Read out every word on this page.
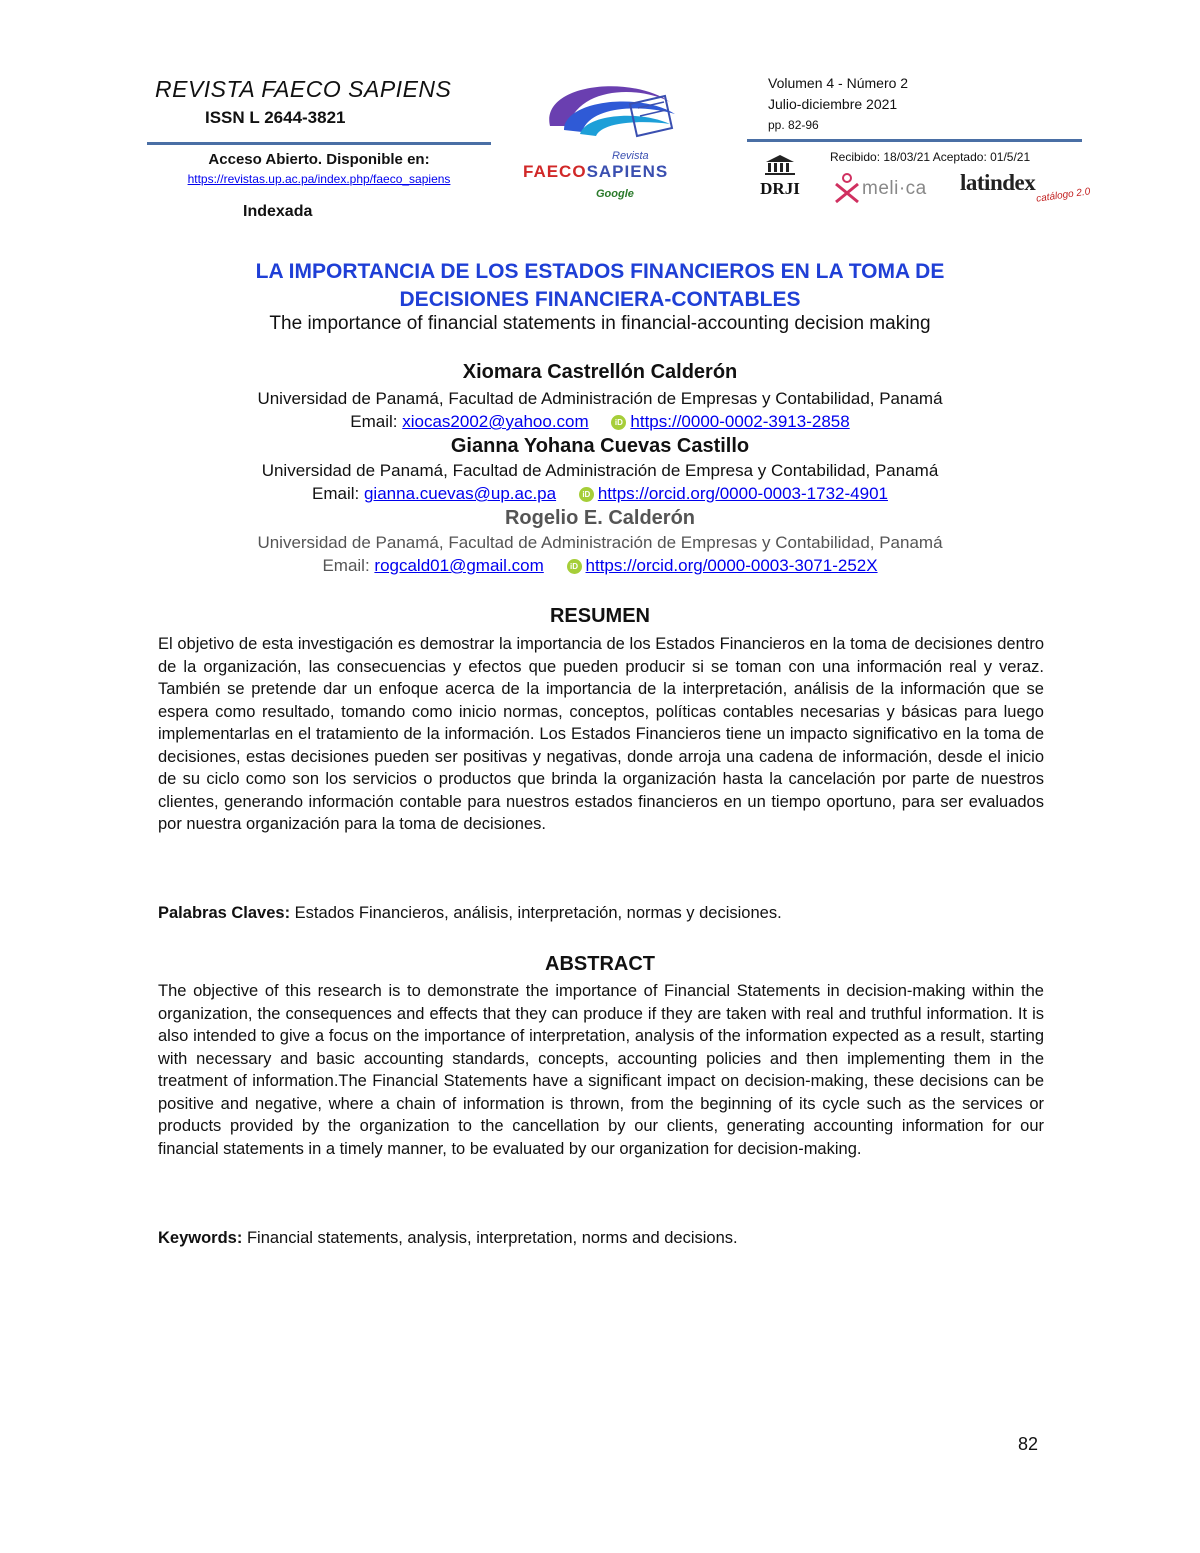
REVISTA FAECO SAPIENS
ISSN L 2644-3821
Acceso Abierto. Disponible en:
https://revistas.up.ac.pa/index.php/faeco_sapiens
Indexada
Volumen 4 - Número 2
Julio-diciembre 2021
pp. 82-96
Recibido: 18/03/21 Aceptado: 01/5/21
Revista
FAECOSAPIENS
Google	DRJI	meli·ca latindex
catálogo 2.0
LA IMPORTANCIA DE LOS ESTADOS FINANCIEROS EN LA TOMA DE
DECISIONES FINANCIERA-CONTABLES
The importance of financial statements in financial-accounting decision making
Xiomara Castrellón Calderón
Universidad de Panamá, Facultad de Administración de Empresas y Contabilidad, Panamá
Email: xiocas2002@yahoo.com	iD https://0000-0002-3913-2858
Gianna Yohana Cuevas Castillo
Universidad de Panamá, Facultad de Administración de Empresa y Contabilidad, Panamá
Email: gianna.cuevas@up.ac.pa	iD https://orcid.org/0000-0003-1732-4901
Rogelio E. Calderón
Universidad de Panamá, Facultad de Administración de Empresas y Contabilidad, Panamá
Email: rogcald01@gmail.com	iD https://orcid.org/0000-0003-3071-252X
RESUMEN
El objetivo de esta investigación es demostrar la importancia de los Estados Financieros en la toma de decisiones dentro de la organización, las consecuencias y efectos que pueden producir si se toman con una información real y veraz. También se pretende dar un enfoque acerca de la importancia de la interpretación, análisis de la información que se espera como resultado, tomando como inicio normas, conceptos, políticas contables necesarias y básicas para luego implementarlas en el tratamiento de la información. Los Estados Financieros tiene un impacto significativo en la toma de decisiones, estas decisiones pueden ser positivas y negativas, donde arroja una cadena de información, desde el inicio de su ciclo como son los servicios o productos que brinda la organización hasta la cancelación por parte de nuestros clientes, generando información contable para nuestros estados financieros en un tiempo oportuno, para ser evaluados por nuestra organización para la toma de decisiones.
Palabras Claves: Estados Financieros, análisis, interpretación, normas y decisiones.
ABSTRACT
The objective of this research is to demonstrate the importance of Financial Statements in decision-making within the organization, the consequences and effects that they can produce if they are taken with real and truthful information. It is also intended to give a focus on the importance of interpretation, analysis of the information expected as a result, starting with necessary and basic accounting standards, concepts, accounting policies and then implementing them in the treatment of information.The Financial Statements have a significant impact on decision-making, these decisions can be positive and negative, where a chain of information is thrown, from the beginning of its cycle such as the services or products provided by the organization to the cancellation by our clients, generating accounting information for our financial statements in a timely manner, to be evaluated by our organization for decision-making.
Keywords: Financial statements, analysis, interpretation, norms and decisions.
82
